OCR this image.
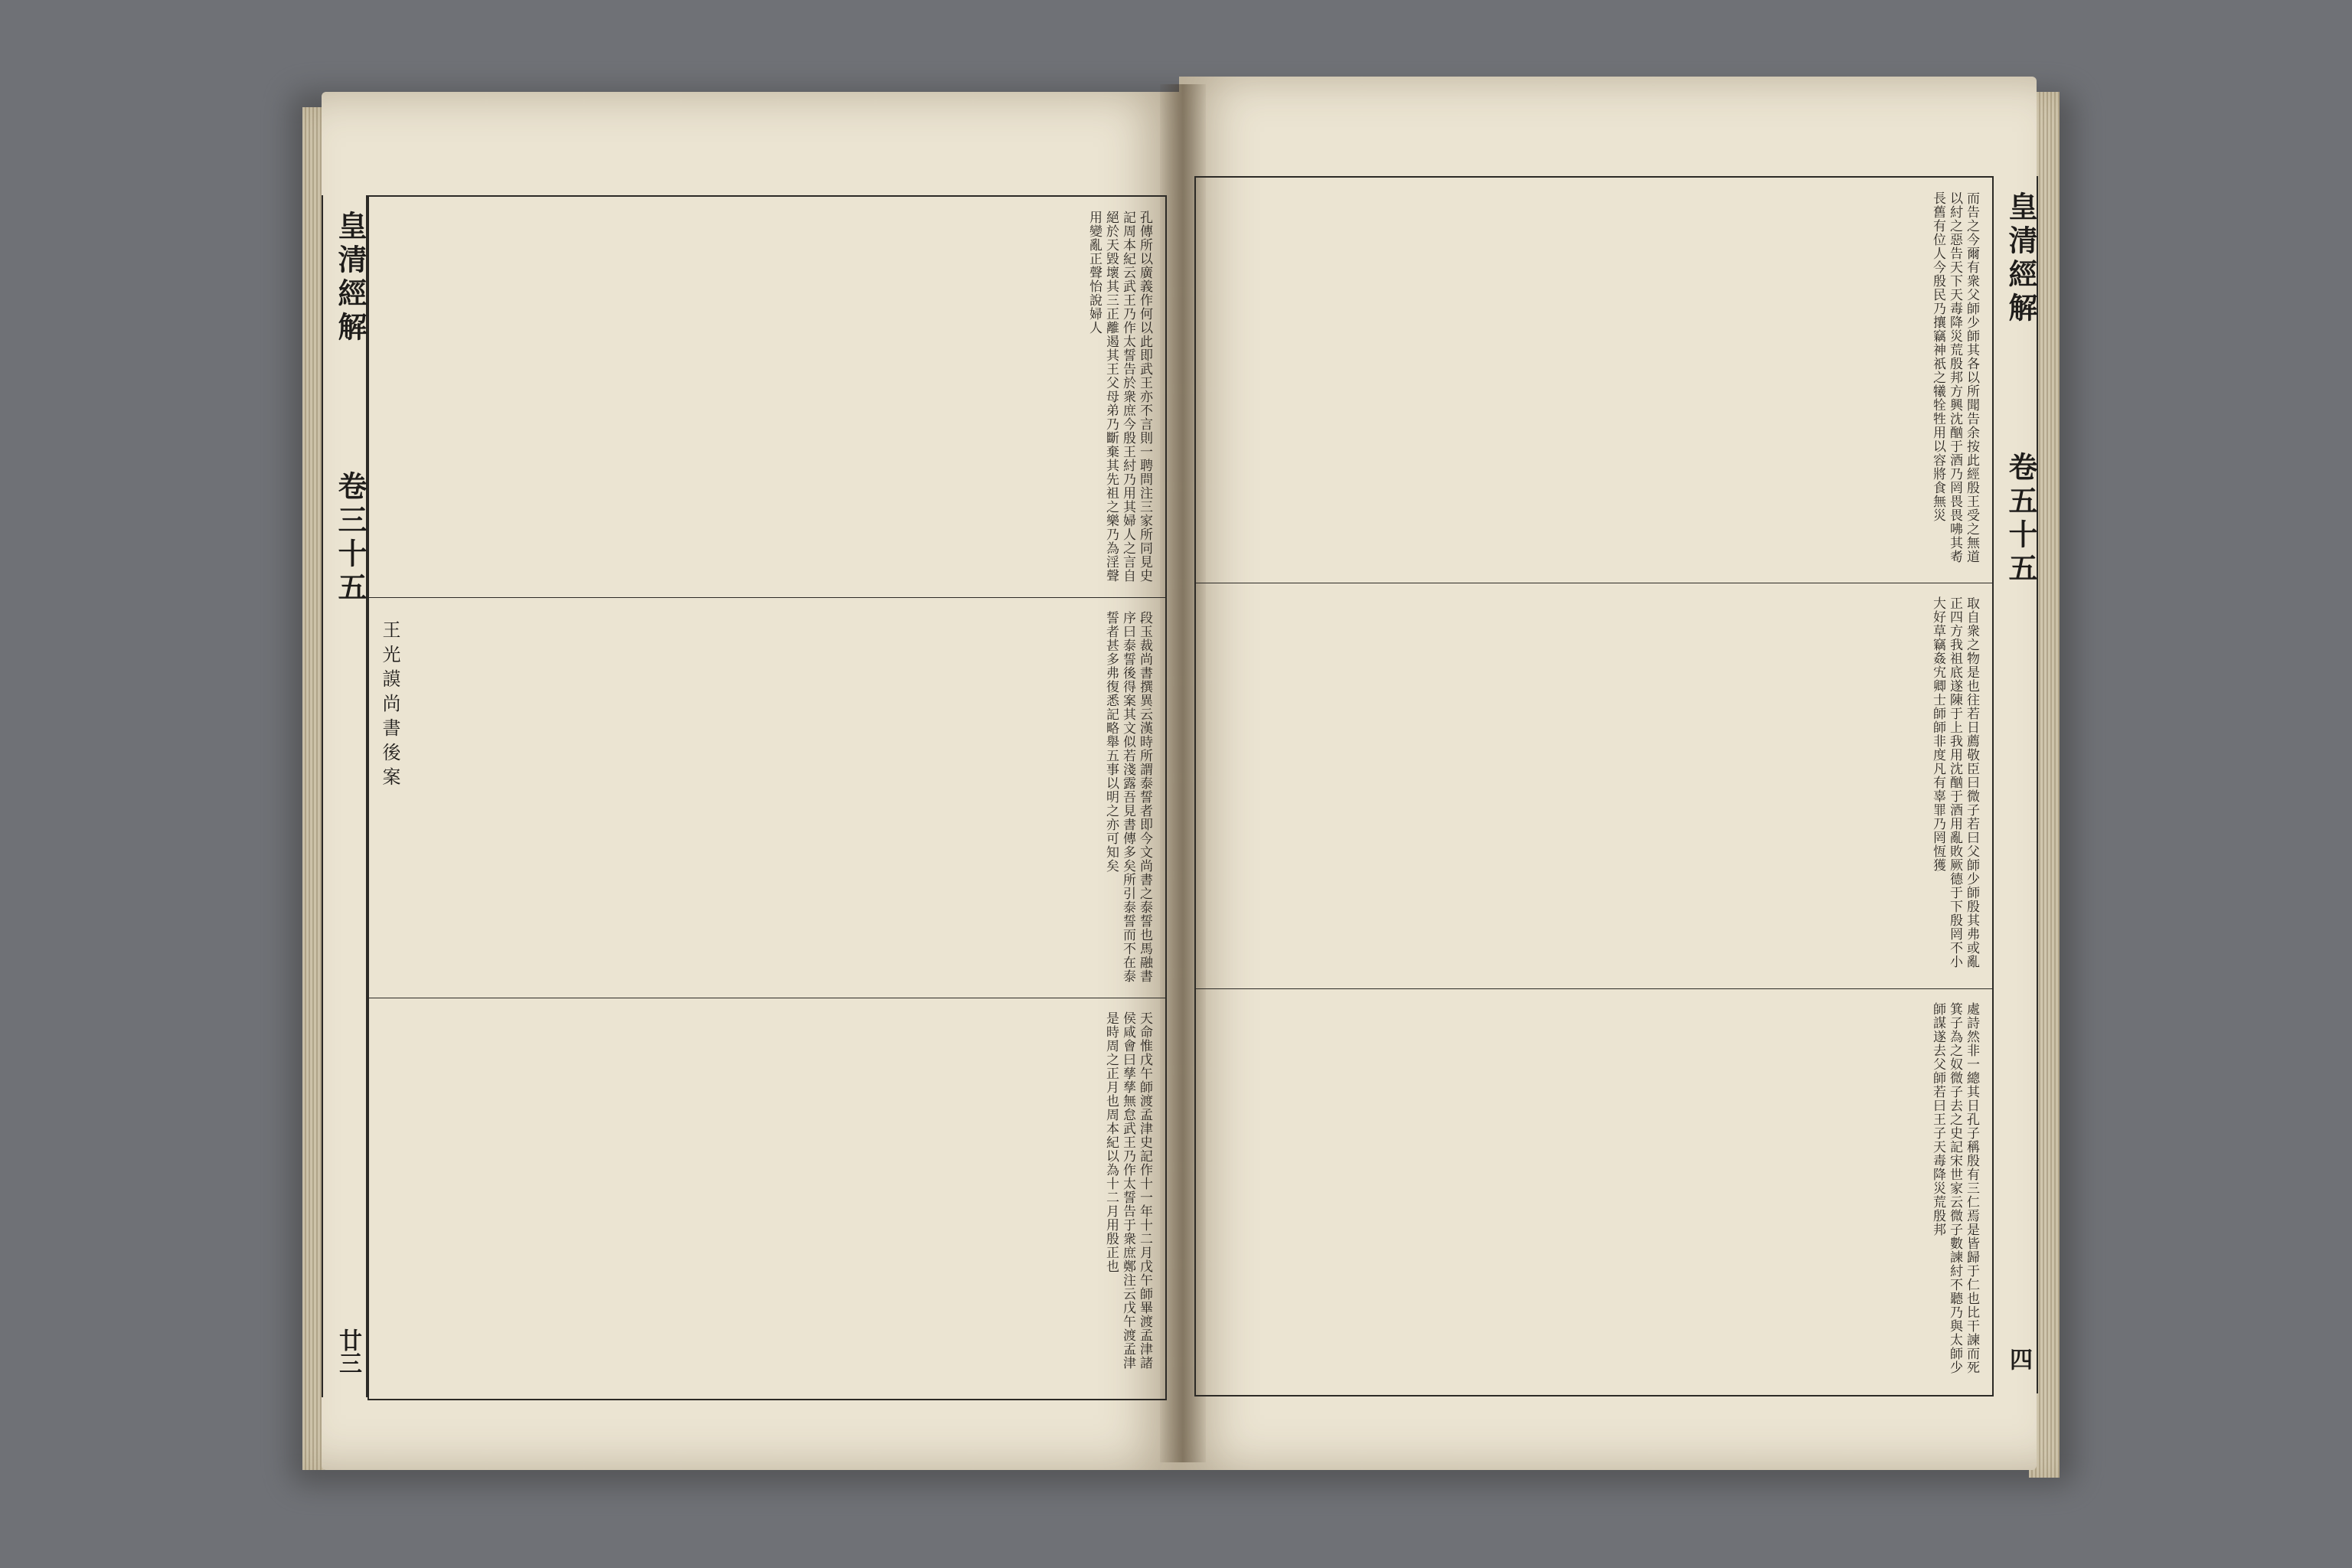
皇清經解
卷三十五
廿三
孔傳所以廣義作何以此即武王亦不言則一聘問注三家所同見史記周本紀云武王乃作太誓告於衆庶今殷王紂乃用其婦人之言自絕於天毀壞其三正離遏其王父母弟乃斷棄其先祖之樂乃為淫聲用變亂正聲怡說婦人
段玉裁尚書撰異云漢時所謂泰誓者即今文尚書之泰誓也馬融書序曰泰誓後得案其文似若淺露吾見書傳多矣所引泰誓而不在泰誓者甚多弗復悉記略舉五事以明之亦可知矣
天命惟戊午師渡孟津史記作十一年十二月戊午師畢渡孟津諸侯咸會曰孳孳無怠武王乃作太誓告于衆庶鄭注云戊午渡孟津是時周之正月也周本紀以為十二月用殷正也
王光謨尚書後案
而告之今爾有衆父師少師其各以所聞告余按此經殷王受之無道以紂之惡告天下天毒降災荒殷邦方興沈酗于酒乃罔畏畏咈其耇長舊有位人今殷民乃攘竊神祇之犧牷牲用以容將食無災
取自衆之物是也往若日薦敬臣曰微子若曰父師少師殷其弗或亂正四方我祖底遂陳于上我用沈酗于酒用亂敗厥德于下殷罔不小大好草竊姦宄卿士師師非度凡有辜罪乃罔恆獲
處詩然非一總其日孔子稱殷有三仁焉是皆歸于仁也比干諫而死箕子為之奴微子去之史記宋世家云微子數諫紂不聽乃與太師少師謀遂去父師若曰王子天毒降災荒殷邦
皇清經解
卷五十五
四
